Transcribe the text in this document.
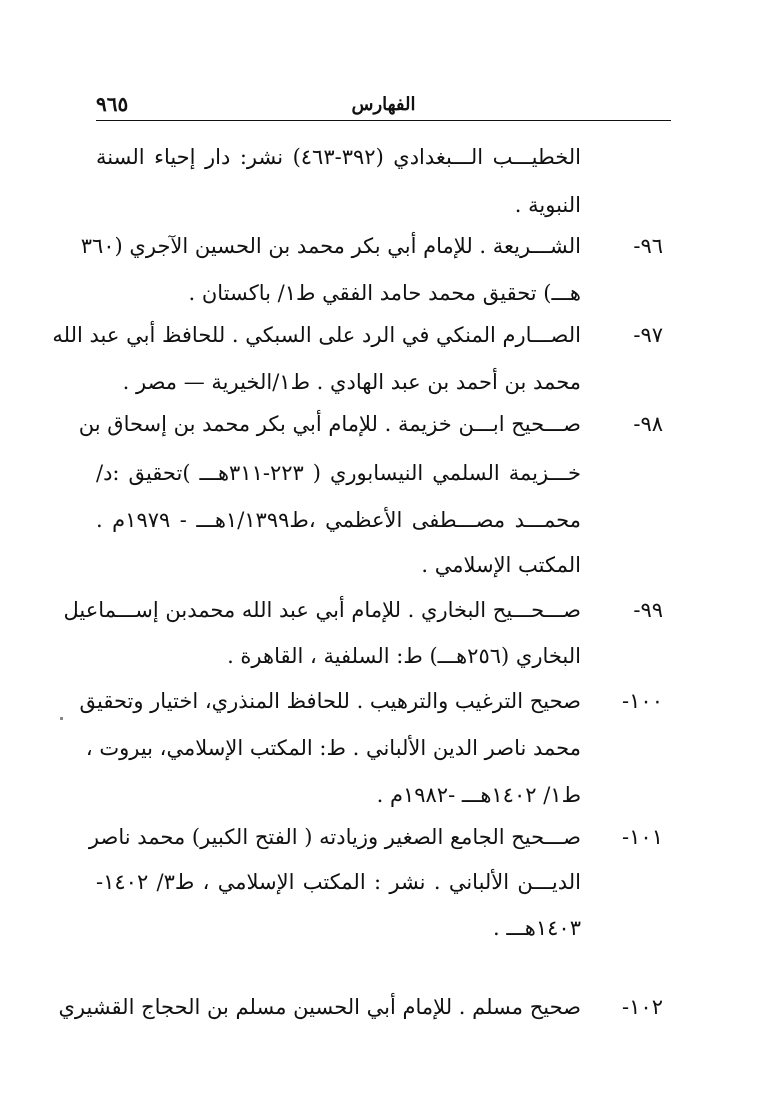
٩٦٥	الفهارس
الخطيـــب الـــبغدادي (٣٩٢-٤٦٣) نشر: دار إحياء السنة
النبوية .
٩٦-
الشـــريعة . للإمام أبي بكر محمد بن الحسين الآجري (٣٦٠
هـــ) تحقيق محمد حامد الفقي ط١/ باكستان .
٩٧-
الصـــارم المنكي في الرد على السبكي . للحافظ أبي عبد الله
محمد بن أحمد بن عبد الهادي . ط١/الخيرية — مصر .
٩٨-
صـــحيح ابـــن خزيمة . للإمام أبي بكر محمد بن إسحاق بن
خـــزيمة السلمي النيسابوري ( ٢٢٣-٣١١هـــ )تحقيق :د/
محمـــد مصـــطفى الأعظمي ،ط١/١٣٩٩هـــ - ١٩٧٩م .
المكتب الإسلامي .
٩٩-
صـــحـــيح البخاري . للإمام أبي عبد الله محمدبن إســـماعيل
البخاري (٢٥٦هـــ) ط: السلفية ، القاهرة .
١٠٠-
صحيح الترغيب والترهيب . للحافظ المنذري، اختيار وتحقيق
محمد ناصر الدين الألباني . ط: المكتب الإسلامي، بيروت ،
ط١/ ١٤٠٢هـــ -١٩٨٢م .
١٠١-
صـــحيح الجامع الصغير وزيادته ( الفتح الكبير) محمد ناصر
الديـــن الألباني . نشر : المكتب الإسلامي ، ط٣/ ١٤٠٢-
١٤٠٣هـــ .
١٠٢-
صحيح مسلم . للإمام أبي الحسين مسلم بن الحجاج القشيري
